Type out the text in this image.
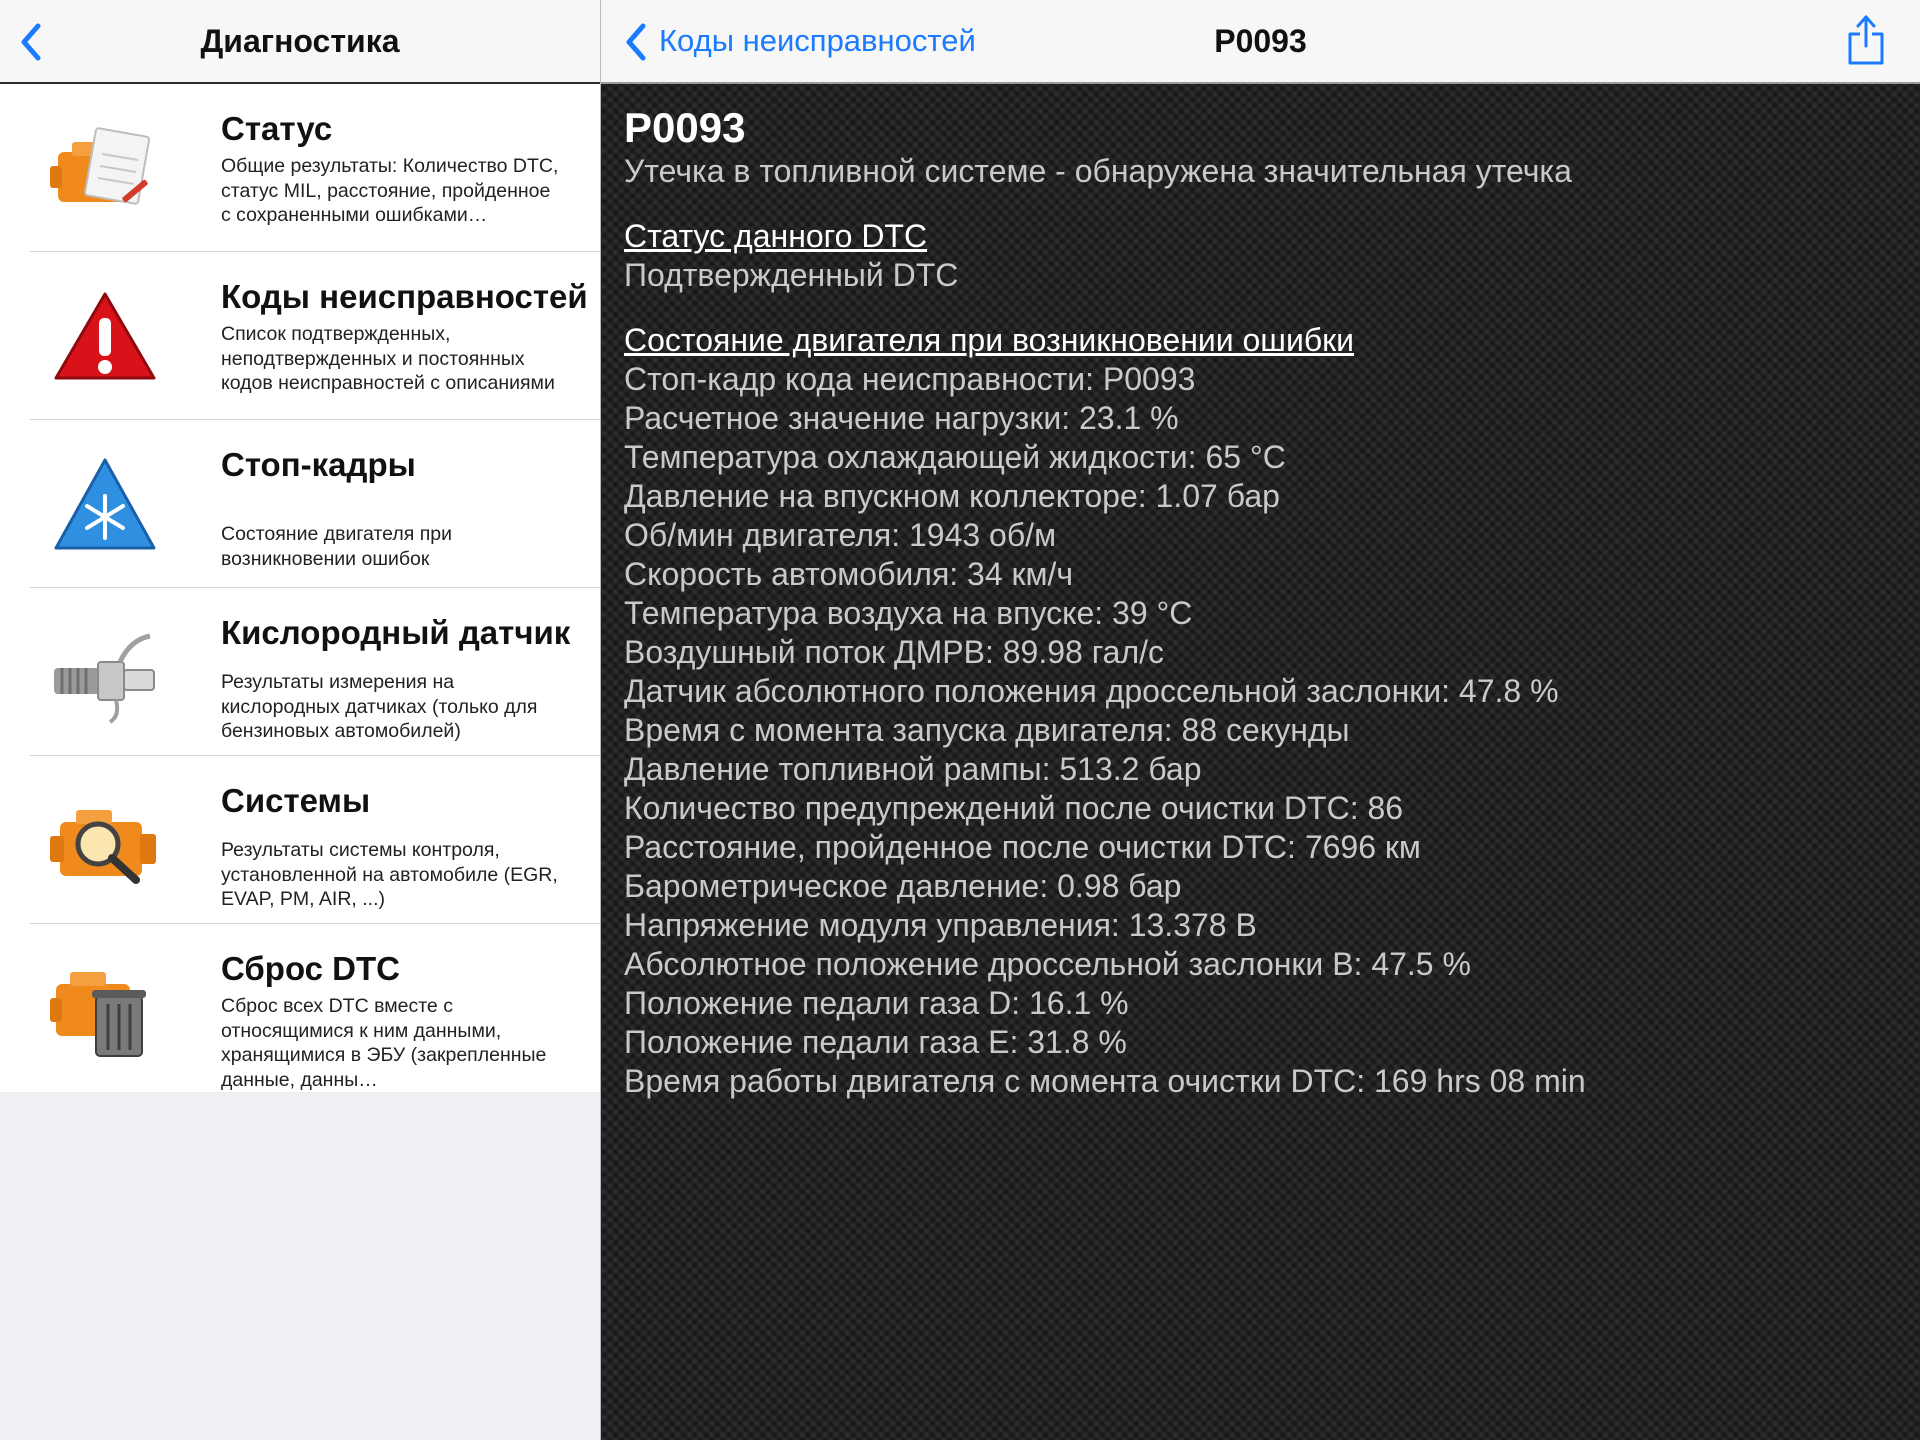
Диагностика
Статус
Общие результаты: Количество DTC, статус MIL, расстояние, пройденное с сохраненными ошибками…
Коды неисправностей
Список подтвержденных, неподтвержденных и постоянных кодов неисправностей с описаниями
Стоп-кадры
Состояние двигателя при возникновении ошибок
Кислородный датчик
Результаты измерения на кислородных датчиках (только для бензиновых автомобилей)
Системы
Результаты системы контроля, установленной на автомобиле (EGR, EVAP, PM, AIR, ...)
Сброс DTC
Сброс всех DTC вместе с относящимися к ним данными, хранящимися в ЭБУ (закрепленные данные, данны…
Коды неисправностей	P0093
P0093
Утечка в топливной системе - обнаружена значительная утечка
Статус данного DTC
Подтвержденный DTC
Состояние двигателя при возникновении ошибки
Стоп-кадр кода неисправности: P0093
Расчетное значение нагрузки: 23.1 %
Температура охлаждающей жидкости: 65 °C
Давление на впускном коллекторе: 1.07 бар
Об/мин двигателя: 1943 об/м
Скорость автомобиля: 34 км/ч
Температура воздуха на впуске: 39 °C
Воздушный поток ДМРВ: 89.98 гал/с
Датчик абсолютного положения дроссельной заслонки: 47.8 %
Время с момента запуска двигателя: 88 секунды
Давление топливной рампы: 513.2 бар
Количество предупреждений после очистки DTC: 86
Расстояние, пройденное после очистки DTC: 7696 км
Барометрическое давление: 0.98 бар
Напряжение модуля управления: 13.378 В
Абсолютное положение дроссельной заслонки B: 47.5 %
Положение педали газа D: 16.1 %
Положение педали газа E: 31.8 %
Время работы двигателя с момента очистки DTC: 169 hrs 08 min
